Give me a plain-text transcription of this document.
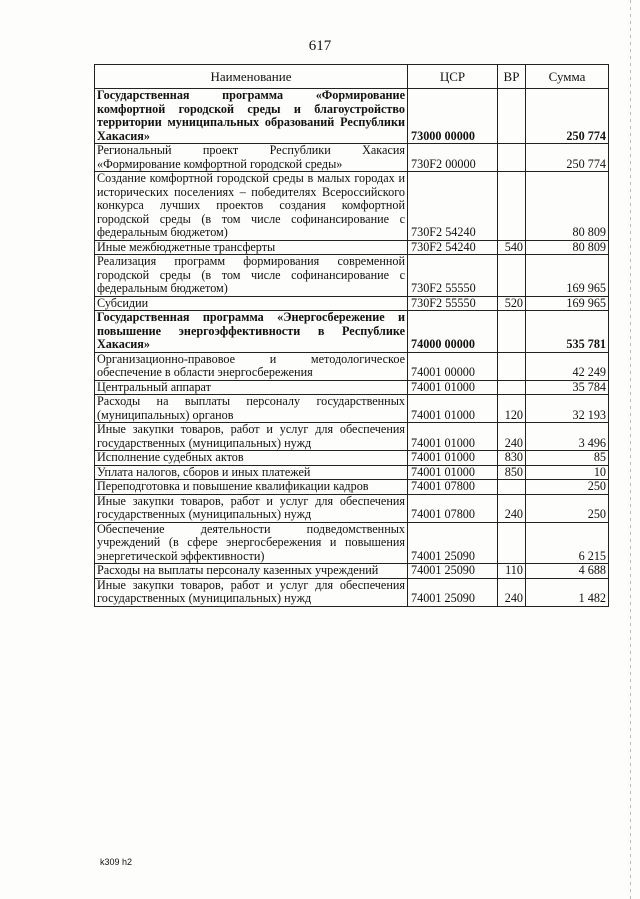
617
Наименование	ЦСР	ВР	Сумма
Государственная программа «Формирование комфортной городской среды и благоустройство территории муниципальных образований Республики Хакасия»	73000 00000		250 774
Региональный проект Республики Хакасия «Формирование комфортной городской среды»	730F2 00000		250 774
Создание комфортной городской среды в малых городах и исторических поселениях – победителях Всероссийского конкурса лучших проектов создания комфортной городской среды (в том числе софинансирование с федеральным бюджетом)	730F2 54240		80 809
Иные межбюджетные трансферты	730F2 54240	540	80 809
Реализация программ формирования современной городской среды (в том числе софинансирование с федеральным бюджетом)	730F2 55550		169 965
Субсидии	730F2 55550	520	169 965
Государственная программа «Энергосбережение и повышение энергоэффективности в Республике Хакасия»	74000 00000		535 781
Организационно-правовое и методологическое обеспечение в области энергосбережения	74001 00000		42 249
Центральный аппарат	74001 01000		35 784
Расходы на выплаты персоналу государственных (муниципальных) органов	74001 01000	120	32 193
Иные закупки товаров, работ и услуг для обеспечения государственных (муниципальных) нужд	74001 01000	240	3 496
Исполнение судебных актов	74001 01000	830	85
Уплата налогов, сборов и иных платежей	74001 01000	850	10
Переподготовка и повышение квалификации кадров	74001 07800		250
Иные закупки товаров, работ и услуг для обеспечения государственных (муниципальных) нужд	74001 07800	240	250
Обеспечение деятельности подведомственных учреждений (в сфере энергосбережения и повышения энергетической эффективности)	74001 25090		6 215
Расходы на выплаты персоналу казенных учреждений	74001 25090	110	4 688
Иные закупки товаров, работ и услуг для обеспечения государственных (муниципальных) нужд	74001 25090	240	1 482
k309 h2
